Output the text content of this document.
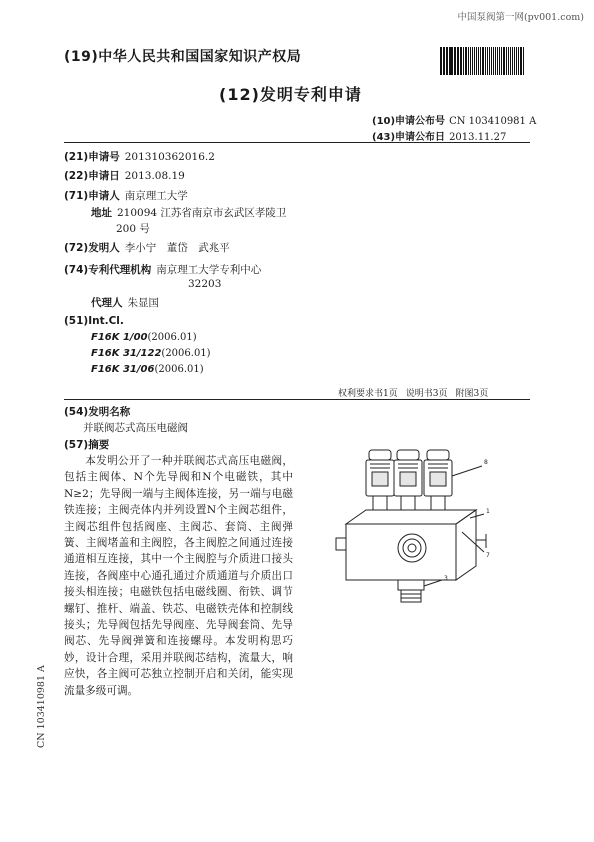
中国泵阀第一网(pv001.com)
(19)中华人民共和国国家知识产权局
(12)发明专利申请
(10)申请公布号 CN 103410981 A
(43)申请公布日 2013.11.27
(21)申请号 201310362016.2
(22)申请日 2013.08.19
(71)申请人 南京理工大学
地址 210094 江苏省南京市玄武区孝陵卫
200 号
(72)发明人 李小宁　董岱　武兆平
(74)专利代理机构 南京理工大学专利中心
32203
代理人 朱显国
(51)Int.Cl.
F16K 1/00(2006.01)
F16K 31/122(2006.01)
F16K 31/06(2006.01)
权利要求书1页 说明书3页 附图3页
(54)发明名称
并联阀芯式高压电磁阀
(57)摘要
本发明公开了一种并联阀芯式高压电磁阀，包括主阀体、N个先导阀和N个电磁铁，其中N≥2；先导阀一端与主阀体连接，另一端与电磁铁连接；主阀壳体内并列设置N个主阀芯组件，主阀芯组件包括阀座、主阀芯、套筒、主阀弹簧、主阀堵盖和主阀腔，各主阀腔之间通过连接通道相互连接，其中一个主阀腔与介质进口接头连接，各阀座中心通孔通过介质通道与介质出口接头相连接；电磁铁包括电磁线圈、衔铁、调节螺钉、推杆、端盖、铁芯、电磁铁壳体和控制线接头；先导阀包括先导阀座、先导阀套筒、先导阀芯、先导阀弹簧和连接螺母。本发明构思巧妙，设计合理，采用并联阀芯结构，流量大，响应快，各主阀可芯独立控制开启和关闭，能实现流量多级可调。
8
1
7
3
CN 103410981 A
